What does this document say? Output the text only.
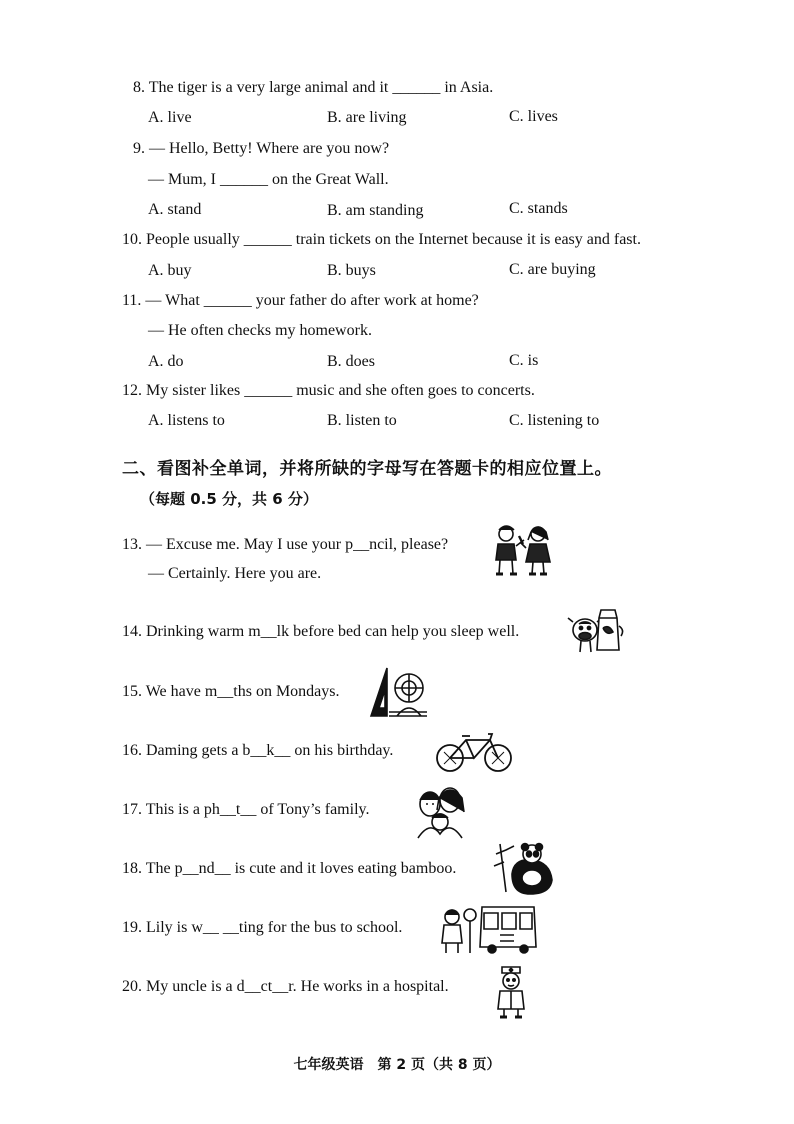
8. The tiger is a very large animal and it ______ in Asia.
A. live	B. are living	C. lives
9. — Hello, Betty! Where are you now?
— Mum, I ______ on the Great Wall.
A. stand	B. am standing	C. stands
10. People usually ______ train tickets on the Internet because it is easy and fast.
A. buy	B. buys	C. are buying
11. — What ______ your father do after work at home?
— He often checks my homework.
A. do	B. does	C. is
12. My sister likes ______ music and she often goes to concerts.
A. listens to	B. listen to	C. listening to
二、看图补全单词，并将所缺的字母写在答题卡的相应位置上。
（每题 0.5 分，共 6 分）
13. — Excuse me. May I use your p__ncil, please?
— Certainly. Here you are.
14. Drinking warm m__lk before bed can help you sleep well.
15. We have m__ths on Mondays.
16. Daming gets a b__k__ on his birthday.
17. This is a ph__t__ of Tony’s family.
18. The p__nd__ is cute and it loves eating bamboo.
19. Lily is w__ __ting for the bus to school.
20. My uncle is a d__ct__r. He works in a hospital.
七年级英语　第 2 页（共 8 页）
